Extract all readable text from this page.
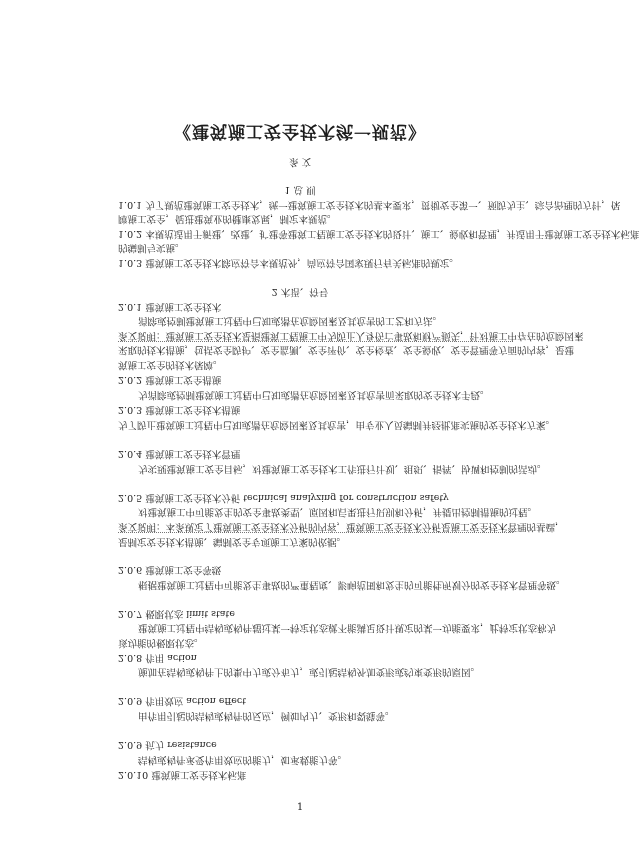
《建筑施工安全技术统一规范》
条 文
1 总 则
1.0.1 为了规范建筑施工安全技术，统一建筑施工安全技术的基本要求，贯彻安全第一、预防为主、综合治理的方针，保
障施工安全，促进建筑业的健康发展，制定本规范。
1.0.2 本规范适用于新建、改建、扩建等建筑工程施工安全技术的设计、施工、验收和管理，并适用于建筑施工安全技术标准
的编制与实施。
1.0.3 建筑施工安全技术除应符合本规范外，尚应符合国家现行有关标准的规定。
2 术语、符号
2.0.1 建筑施工安全技术
消除或控制建筑施工过程中已知或潜在危险因素及其危害的工艺和方法。
条文说明：建筑施工安全技术是指建筑工程施工中为防止人身伤亡事故和财产损失，针对施工中存在的危险因素
采取的技术措施，包括安全防护、安全监测、安全评价、安全检查、安全验收、安全管理等方面的内容，是建
筑施工安全的技术保障。
2.0.2 建筑施工安全措施
为消除或控制建筑施工过程中已知或潜在危险因素及其危害而采取的安全技术手段。
2.0.3 建筑施工安全技术措施
为了防止建筑施工过程中已知或潜在危险因素及其危害，由专业人员编制并经批准实施的安全技术方案。
2.0.4 建筑施工安全技术管理
为实现建筑施工安全目标，对建筑施工安全技术工作进行计划、组织、指挥、协调和控制的活动。
2.0.5 建筑施工安全技术分析 technical analyzing for construction safety
对建筑施工中可能发生的安全事故类型、原因和后果进行识别和分析，并提出控制措施的过程。
条文说明：本条规定了建筑施工安全技术分析的内容，建筑施工安全技术分析是施工安全技术管理的基础，
是制定安全技术措施、编制安全专项施工方案的依据。
2.0.6 建筑施工安全等级
根据建筑施工过程中可能发生事故的严重程度、影响范围和发生的可能性所划分的安全技术管理等级。
2.0.7 极限状态 limit state
建筑施工过程中结构或构件超过某一特定状态就不能满足设计规定的某一功能要求，此特定状态称为
该功能的极限状态。
2.0.8 作用 action
施加在结构或构件上的集中力或分布力，或引起结构外加变形或约束变形的原因。
2.0.9 作用效应 action effect
由作用引起的结构或构件的反应，例如内力、变形和裂缝等。
2.0.9 抗力 resistance
结构或构件承受作用效应的能力，如承载能力等。
2.0.10 建筑施工安全技术标准
1
